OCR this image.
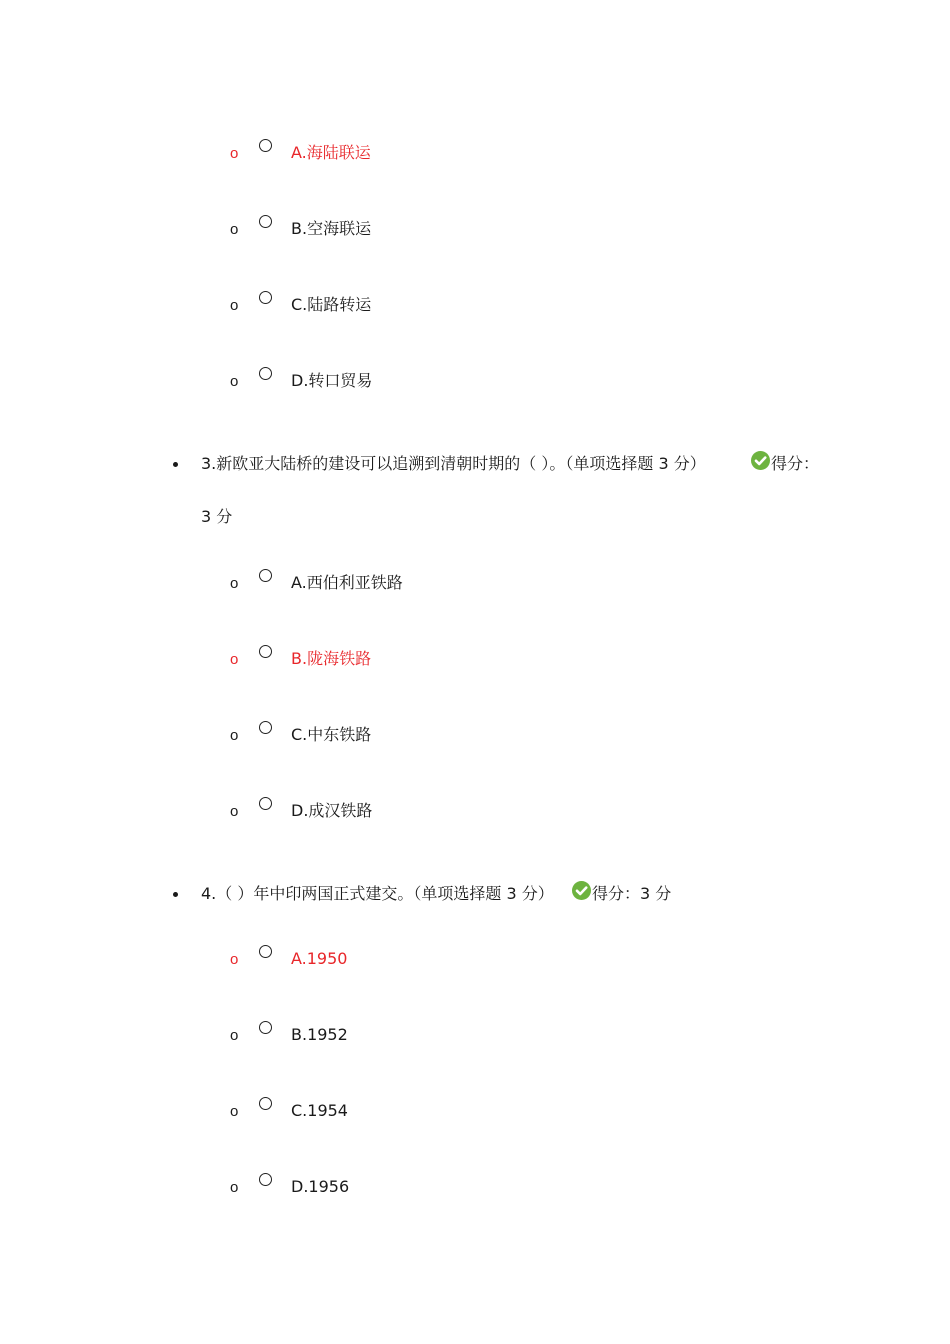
o	A.海陆联运
o	B.空海联运
o	C.陆路转运
o	D.转口贸易
3.新欧亚大陆桥的建设可以追溯到清朝时期的（ ）。（单项选择题 3 分）	得分：
3 分
o	A.西伯利亚铁路
o	B.陇海铁路
o	C.中东铁路
o	D.成汉铁路
4.（ ）年中印两国正式建交。（单项选择题 3 分） 得分：3 分
o	A.1950
o	B.1952
o	C.1954
o	D.1956
